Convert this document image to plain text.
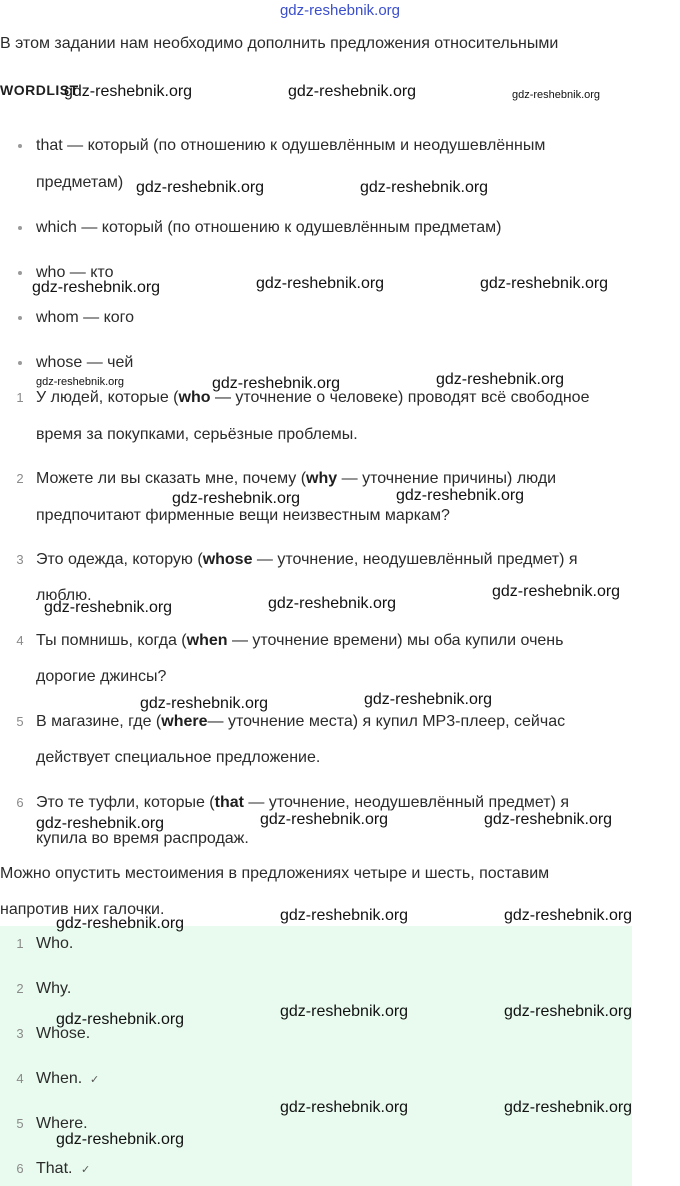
gdz-reshebnik.org
В этом задании нам необходимо дополнить предложения относительными
WORDLIST
that — который (по отношению к одушевлённым и неодушевлённым
предметам)
which — который (по отношению к одушевлённым предметам)
who — кто
whom — кого
whose — чей
1 У людей, которые (who — уточнение о человеке) проводят всё свободное
время за покупками, серьёзные проблемы.
2 Можете ли вы сказать мне, почему (why — уточнение причины) люди
предпочитают фирменные вещи неизвестным маркам?
3 Это одежда, которую (whose — уточнение, неодушевлённый предмет) я
люблю.
4 Ты помнишь, когда (when — уточнение времени) мы оба купили очень
дорогие джинсы?
5 В магазине, где (where— уточнение места) я купил MP3-плеер, сейчас
действует специальное предложение.
6 Это те туфли, которые (that — уточнение, неодушевлённый предмет) я
купила во время распродаж.
Можно опустить местоимения в предложениях четыре и шесть, поставим
напротив них галочки.
1 Who.
2 Why.
3 Whose.
4 When. ✓
5 Where.
6 That. ✓
gdz-reshebnik.org	gdz-reshebnik.org	gdz-reshebnik.org
gdz-reshebnik.org	gdz-reshebnik.org
gdz-reshebnik.org	gdz-reshebnik.org	gdz-reshebnik.org
gdz-reshebnik.org	gdz-reshebnik.org	gdz-reshebnik.org
gdz-reshebnik.org	gdz-reshebnik.org
gdz-reshebnik.org	gdz-reshebnik.org
gdz-reshebnik.org
gdz-reshebnik.org	gdz-reshebnik.org
gdz-reshebnik.org	gdz-reshebnik.org	gdz-reshebnik.org
gdz-reshebnik.org	gdz-reshebnik.org
gdz-reshebnik.org
gdz-reshebnik.org	gdz-reshebnik.org
gdz-reshebnik.org
gdz-reshebnik.org	gdz-reshebnik.org
gdz-reshebnik.org
